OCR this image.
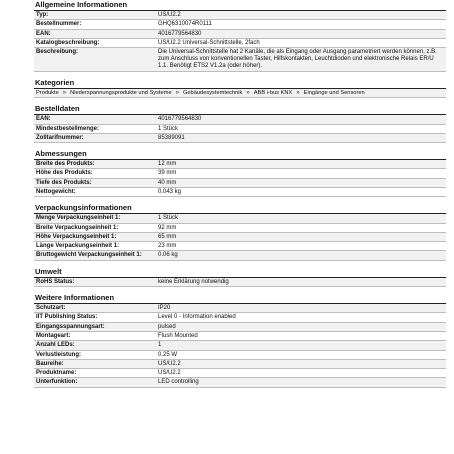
Allgemeine Informationen
Typ:	US/U2.2
Bestellnummer:	GHQ6310074R0111
EAN:	4016779564830
Katalogbeschreibung:	US/U2.2 Universal-Schnittstelle, 2fach
Beschreibung:	Die Universal-Schnittstelle hat 2 Kanäle, die als Eingang oder Ausgang parametriert werden können, z.B. zum Anschluss von konventionellen Taster, Hilfskontakten, Leuchtdioden und elektronische Relais ER/U 1.1. Benötigt ETS2 V1.2a (oder höher).
Kategorien
Produkte » Niederspannungsprodukte und Systeme » Gebäudesystemtechnik » ABB i-bus KNX » Eingänge und Sensoren
Bestelldaten
EAN:	4016779564830
Mindestbestellmenge:	1 Stück
Zolltarifnummer:	85389091
Abmessungen
Breite des Produkts:	12 mm
Höhe des Produkts:	39 mm
Tiefe des Produkts:	40 mm
Nettogewicht:	0.043 kg
Verpackungsinformationen
Menge Verpackungseinheit 1:	1 Stück
Breite Verpackungseinheit 1:	92 mm
Höhe Verpackungseinheit 1:	65 mm
Länge Verpackungseinheit 1:	23 mm
Bruttogewicht Verpackungseinheit 1:	0.06 kg
Umwelt
RoHS Status:	keine Erklärung notwendig
Weitere Informationen
Schutzart:	IP20
IIT Publishing Status:	Level 0 - Information enabled
Eingangsspannungsart:	pulsed
Montageart:	Flush Mounted
Anzahl LEDs:	1
Verlustleistung:	0.25 W
Baureihe:	US/U2.2
Produktname:	US/U2.2
Unterfunktion:	LED controlling
